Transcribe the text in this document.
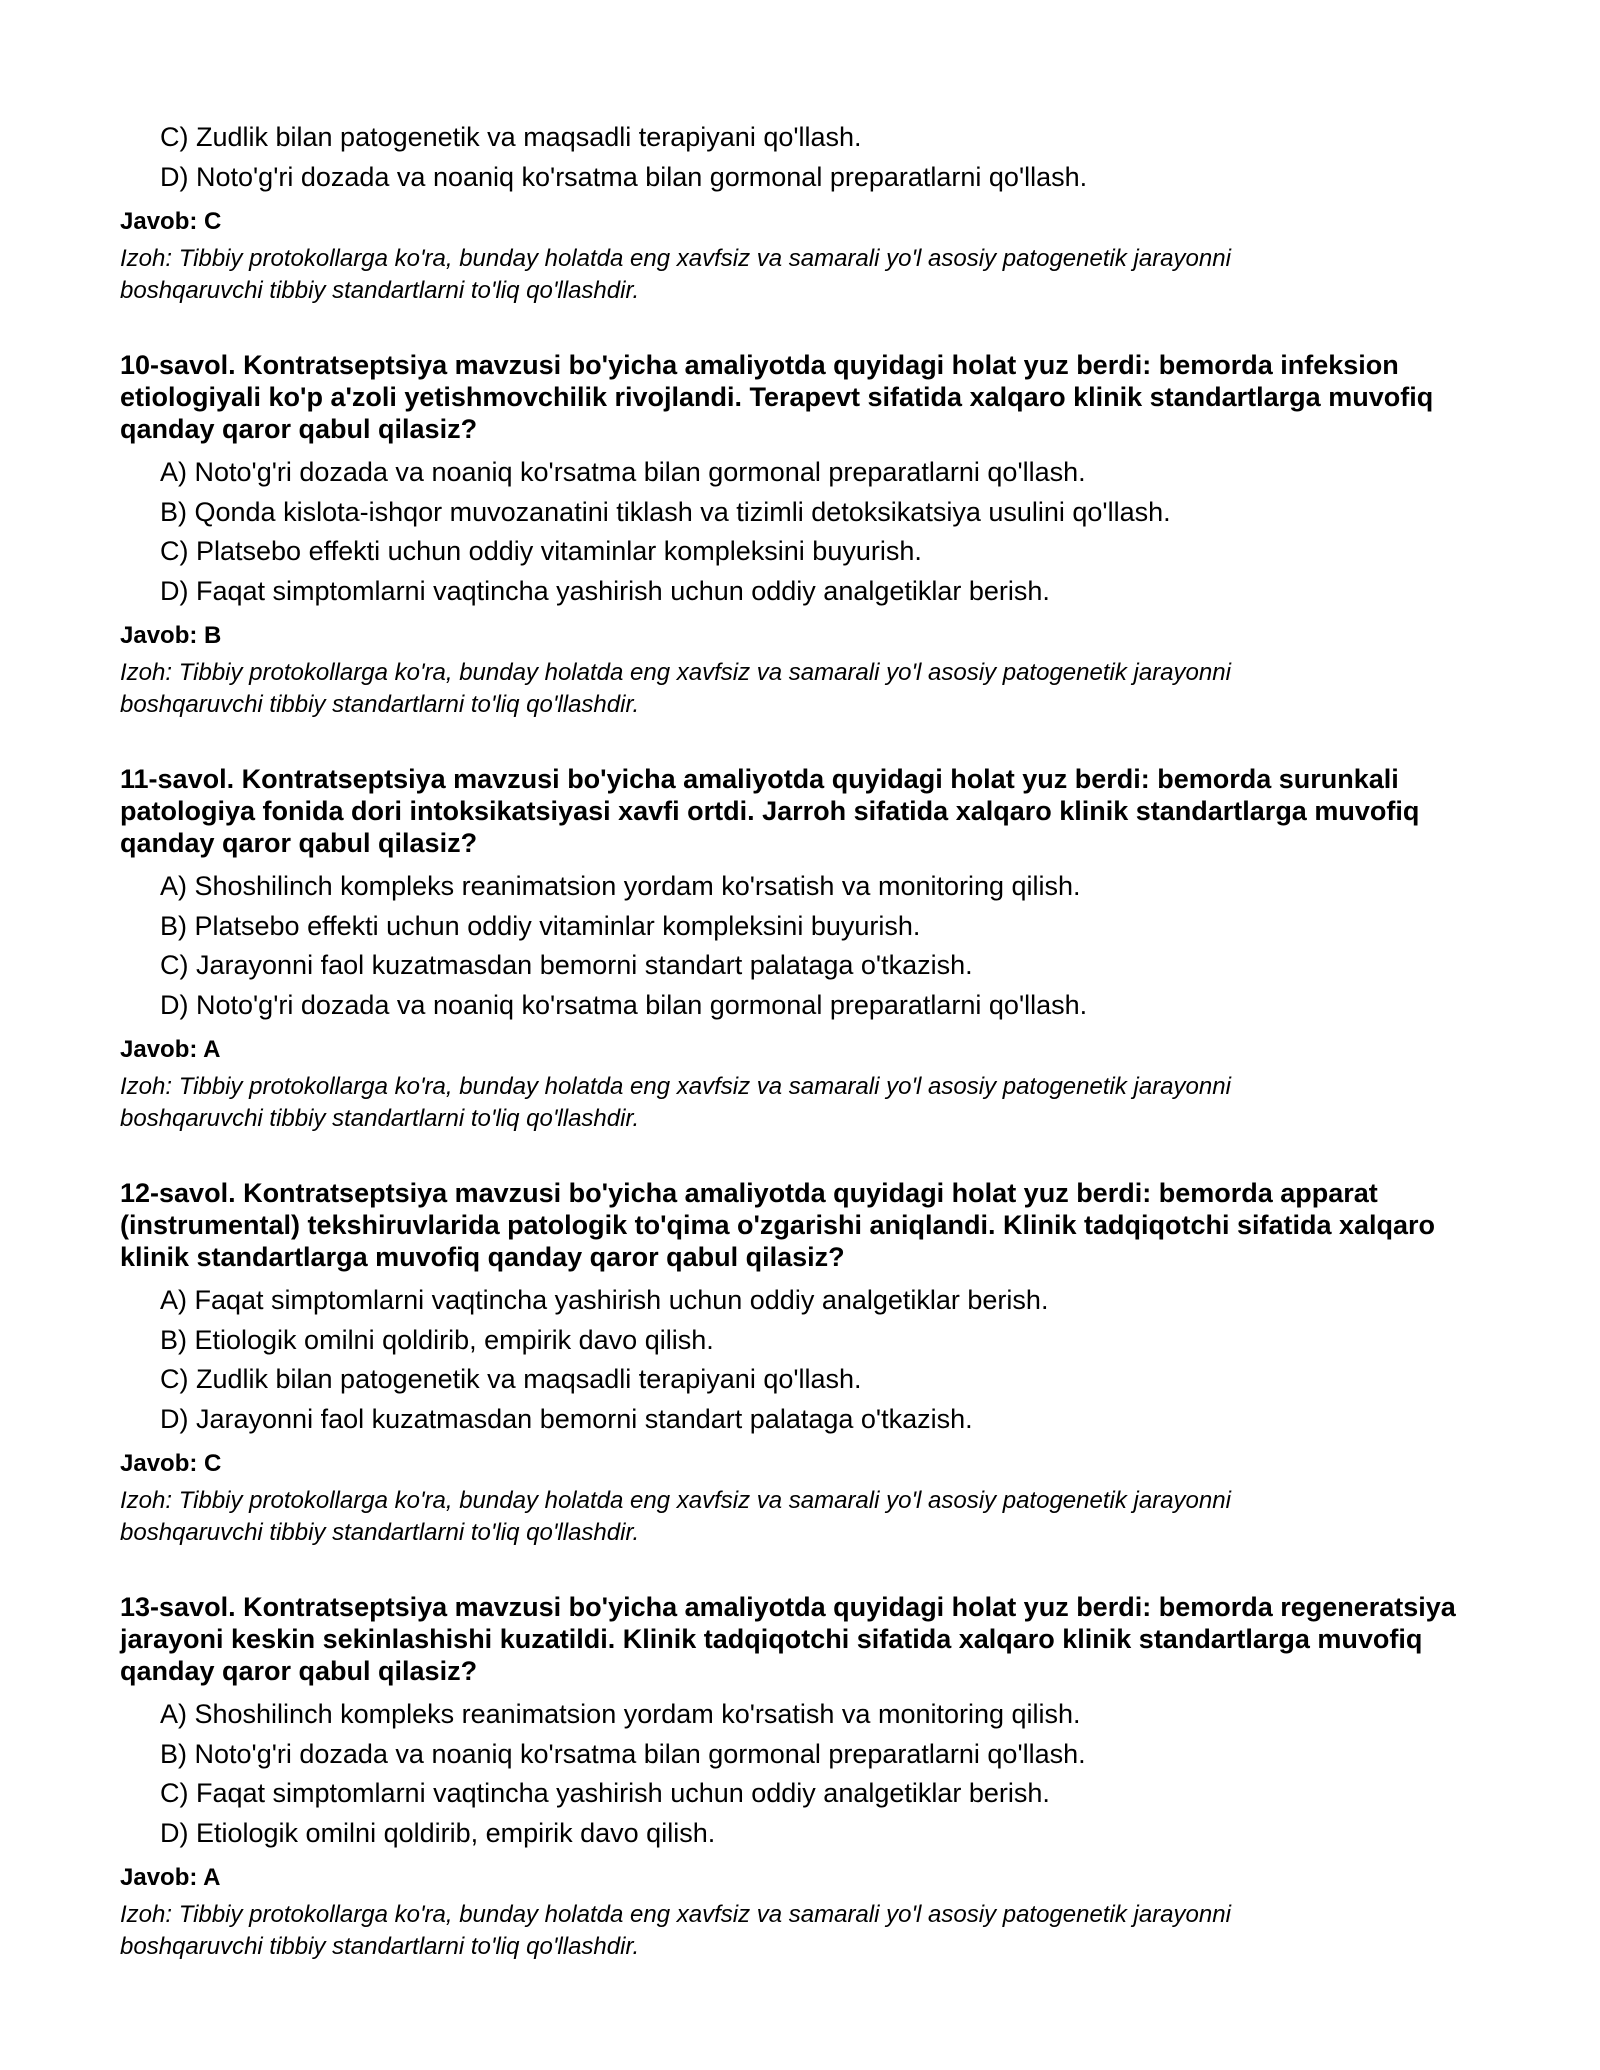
C) Zudlik bilan patogenetik va maqsadli terapiyani qo'llash.
D) Noto'g'ri dozada va noaniq ko'rsatma bilan gormonal preparatlarni qo'llash.
Javob: C
Izoh: Tibbiy protokollarga ko'ra, bunday holatda eng xavfsiz va samarali yo'l asosiy patogenetik jarayonni boshqaruvchi tibbiy standartlarni to'liq qo'llashdir.
10-savol. Kontratseptsiya mavzusi bo'yicha amaliyotda quyidagi holat yuz berdi: bemorda infeksion etiologiyali ko'p a'zoli yetishmovchilik rivojlandi. Terapevt sifatida xalqaro klinik standartlarga muvofiq qanday qaror qabul qilasiz?
A) Noto'g'ri dozada va noaniq ko'rsatma bilan gormonal preparatlarni qo'llash.
B) Qonda kislota-ishqor muvozanatini tiklash va tizimli detoksikatsiya usulini qo'llash.
C) Platsebo effekti uchun oddiy vitaminlar kompleksini buyurish.
D) Faqat simptomlarni vaqtincha yashirish uchun oddiy analgetiklar berish.
Javob: B
Izoh: Tibbiy protokollarga ko'ra, bunday holatda eng xavfsiz va samarali yo'l asosiy patogenetik jarayonni boshqaruvchi tibbiy standartlarni to'liq qo'llashdir.
11-savol. Kontratseptsiya mavzusi bo'yicha amaliyotda quyidagi holat yuz berdi: bemorda surunkali patologiya fonida dori intoksikatsiyasi xavfi ortdi. Jarroh sifatida xalqaro klinik standartlarga muvofiq qanday qaror qabul qilasiz?
A) Shoshilinch kompleks reanimatsion yordam ko'rsatish va monitoring qilish.
B) Platsebo effekti uchun oddiy vitaminlar kompleksini buyurish.
C) Jarayonni faol kuzatmasdan bemorni standart palataga o'tkazish.
D) Noto'g'ri dozada va noaniq ko'rsatma bilan gormonal preparatlarni qo'llash.
Javob: A
Izoh: Tibbiy protokollarga ko'ra, bunday holatda eng xavfsiz va samarali yo'l asosiy patogenetik jarayonni boshqaruvchi tibbiy standartlarni to'liq qo'llashdir.
12-savol. Kontratseptsiya mavzusi bo'yicha amaliyotda quyidagi holat yuz berdi: bemorda apparat (instrumental) tekshiruvlarida patologik to'qima o'zgarishi aniqlandi. Klinik tadqiqotchi sifatida xalqaro klinik standartlarga muvofiq qanday qaror qabul qilasiz?
A) Faqat simptomlarni vaqtincha yashirish uchun oddiy analgetiklar berish.
B) Etiologik omilni qoldirib, empirik davo qilish.
C) Zudlik bilan patogenetik va maqsadli terapiyani qo'llash.
D) Jarayonni faol kuzatmasdan bemorni standart palataga o'tkazish.
Javob: C
Izoh: Tibbiy protokollarga ko'ra, bunday holatda eng xavfsiz va samarali yo'l asosiy patogenetik jarayonni boshqaruvchi tibbiy standartlarni to'liq qo'llashdir.
13-savol. Kontratseptsiya mavzusi bo'yicha amaliyotda quyidagi holat yuz berdi: bemorda regeneratsiya jarayoni keskin sekinlashishi kuzatildi. Klinik tadqiqotchi sifatida xalqaro klinik standartlarga muvofiq qanday qaror qabul qilasiz?
A) Shoshilinch kompleks reanimatsion yordam ko'rsatish va monitoring qilish.
B) Noto'g'ri dozada va noaniq ko'rsatma bilan gormonal preparatlarni qo'llash.
C) Faqat simptomlarni vaqtincha yashirish uchun oddiy analgetiklar berish.
D) Etiologik omilni qoldirib, empirik davo qilish.
Javob: A
Izoh: Tibbiy protokollarga ko'ra, bunday holatda eng xavfsiz va samarali yo'l asosiy patogenetik jarayonni boshqaruvchi tibbiy standartlarni to'liq qo'llashdir.
